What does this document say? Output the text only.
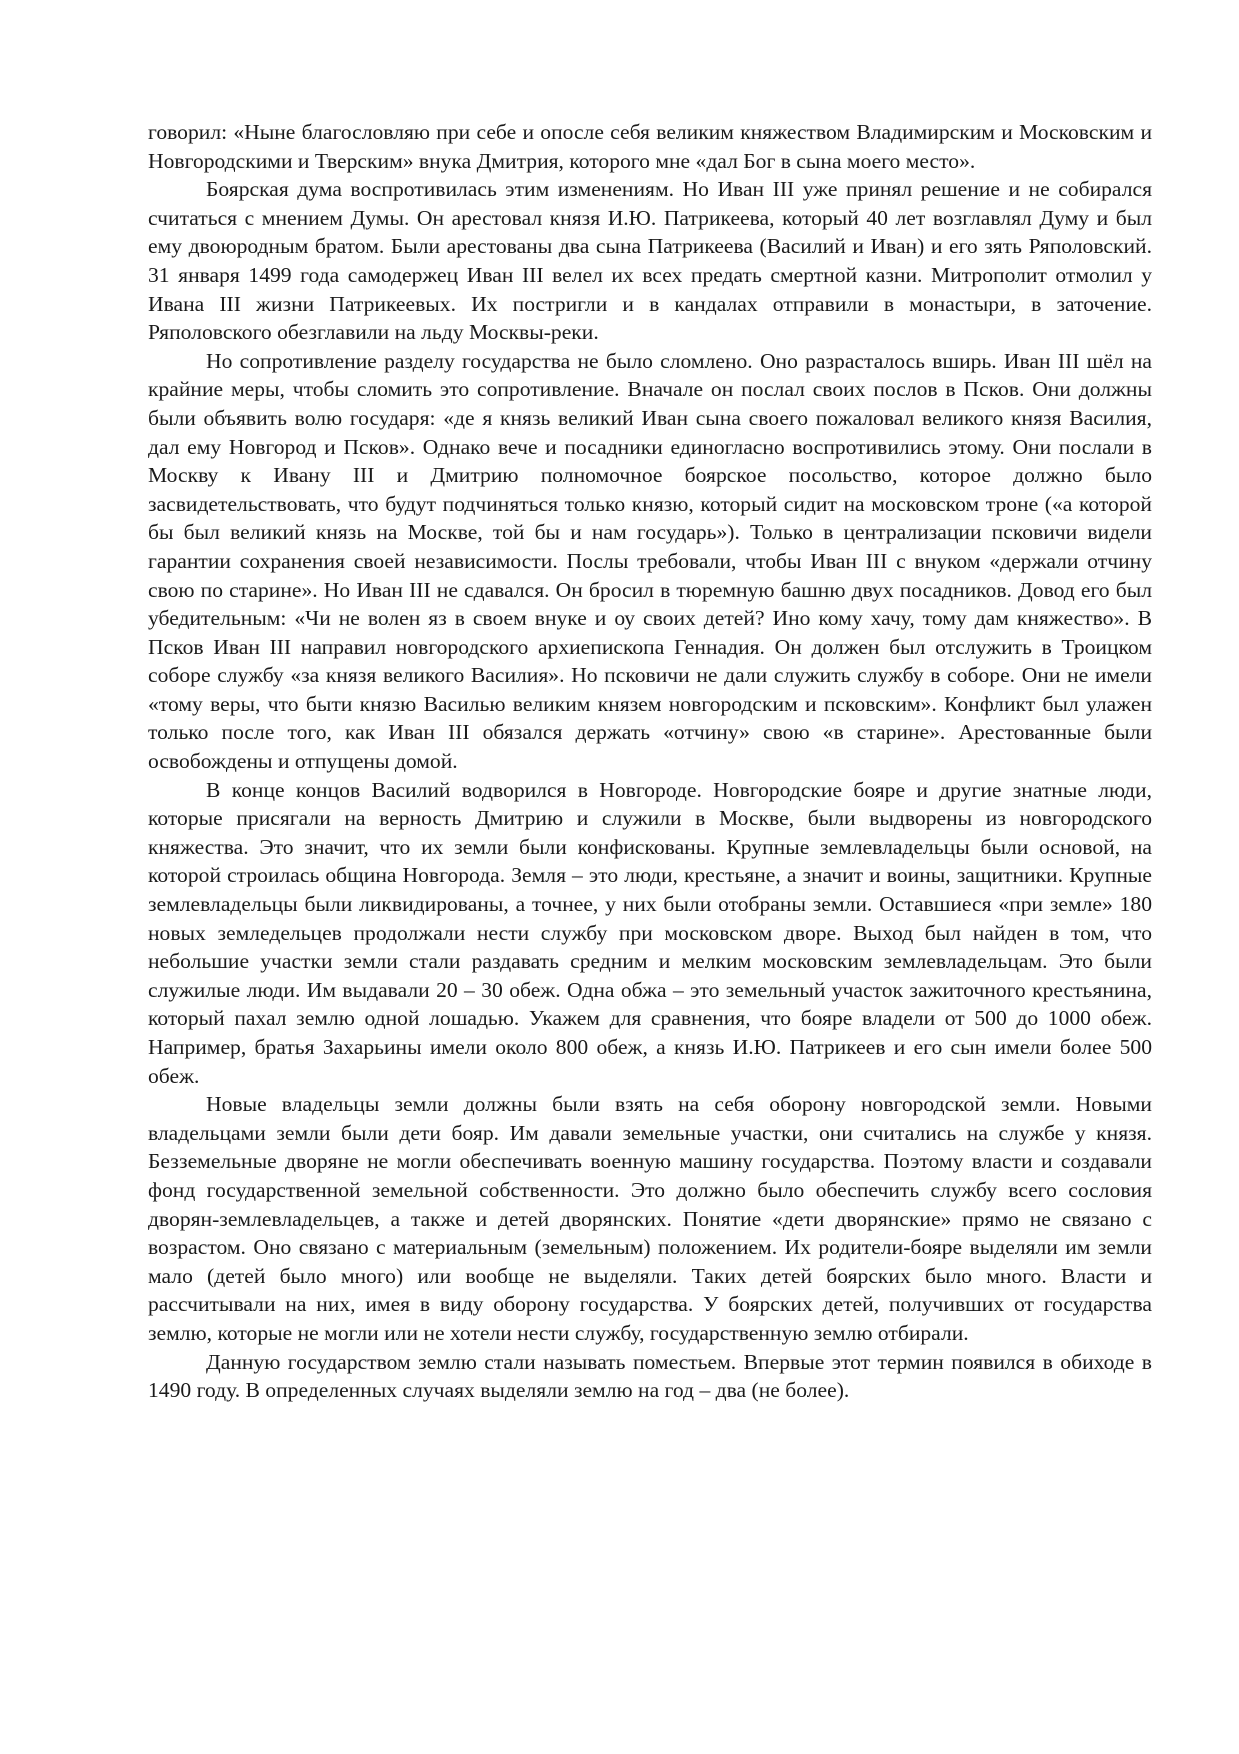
говорил: «Ныне благословляю при себе и опосле себя великим княжеством Владимирским и Московским и Новгородскими и Тверским» внука Дмитрия, которого мне «дал Бог в сына моего место».

Боярская дума воспротивилась этим изменениям. Но Иван III уже принял решение и не собирался считаться с мнением Думы. Он арестовал князя И.Ю. Патрикеева, который 40 лет возглавлял Думу и был ему двоюродным братом. Были арестованы два сына Патрикеева (Василий и Иван) и его зять Ряполовский. 31 января 1499 года самодержец Иван III велел их всех предать смертной казни. Митрополит отмолил у Ивана III жизни Патрикеевых. Их постригли и в кандалах отправили в монастыри, в заточение. Ряполовского обезглавили на льду Москвы-реки.

Но сопротивление разделу государства не было сломлено. Оно разрасталось вширь. Иван III шёл на крайние меры, чтобы сломить это сопротивление. Вначале он послал своих послов в Псков. Они должны были объявить волю государя: «де я князь великий Иван сына своего пожаловал великого князя Василия, дал ему Новгород и Псков». Однако вече и посадники единогласно воспротивились этому. Они послали в Москву к Ивану III и Дмитрию полномочное боярское посольство, которое должно было засвидетельствовать, что будут подчиняться только князю, который сидит на московском троне («а которой бы был великий князь на Москве, той бы и нам государь»). Только в централизации псковичи видели гарантии сохранения своей независимости. Послы требовали, чтобы Иван III с внуком «держали отчину свою по старине». Но Иван III не сдавался. Он бросил в тюремную башню двух посадников. Довод его был убедительным: «Чи не волен яз в своем внуке и оу своих детей? Ино кому хачу, тому дам княжество». В Псков Иван III направил новгородского архиепископа Геннадия. Он должен был отслужить в Троицком соборе службу «за князя великого Василия». Но псковичи не дали служить службу в соборе. Они не имели «тому веры, что быти князю Василью великим князем новгородским и псковским». Конфликт был улажен только после того, как Иван III обязался держать «отчину» свою «в старине». Арестованные были освобождены и отпущены домой.

В конце концов Василий водворился в Новгороде. Новгородские бояре и другие знатные люди, которые присягали на верность Дмитрию и служили в Москве, были выдворены из новгородского княжества. Это значит, что их земли были конфискованы. Крупные землевладельцы были основой, на которой строилась община Новгорода. Земля – это люди, крестьяне, а значит и воины, защитники. Крупные землевладельцы были ликвидированы, а точнее, у них были отобраны земли. Оставшиеся «при земле» 180 новых земледельцев продолжали нести службу при московском дворе. Выход был найден в том, что небольшие участки земли стали раздавать средним и мелким московским землевладельцам. Это были служилые люди. Им выдавали 20 – 30 обеж. Одна обжа – это земельный участок зажиточного крестьянина, который пахал землю одной лошадью. Укажем для сравнения, что бояре владели от 500 до 1000 обеж. Например, братья Захарьины имели около 800 обеж, а князь И.Ю. Патрикеев и его сын имели более 500 обеж.

Новые владельцы земли должны были взять на себя оборону новгородской земли. Новыми владельцами земли были дети бояр. Им давали земельные участки, они считались на службе у князя. Безземельные дворяне не могли обеспечивать военную машину государства. Поэтому власти и создавали фонд государственной земельной собственности. Это должно было обеспечить службу всего сословия дворян-землевладельцев, а также и детей дворянских. Понятие «дети дворянские» прямо не связано с возрастом. Оно связано с материальным (земельным) положением. Их родители-бояре выделяли им земли мало (детей было много) или вообще не выделяли. Таких детей боярских было много. Власти и рассчитывали на них, имея в виду оборону государства. У боярских детей, получивших от государства землю, которые не могли или не хотели нести службу, государственную землю отбирали.

Данную государством землю стали называть поместьем. Впервые этот термин появился в обиходе в 1490 году. В определенных случаях выделяли землю на год – два (не более).
